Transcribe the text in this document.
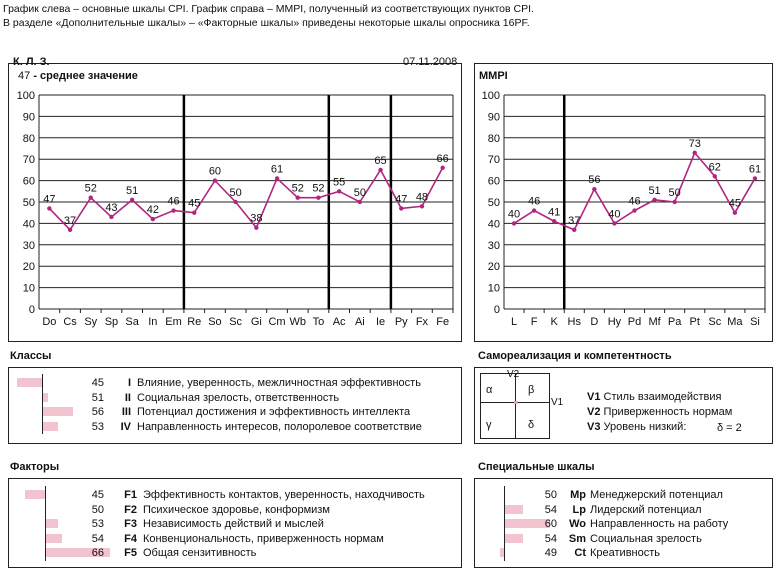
График слева – основные шкалы CPI. График справа – MMPI, полученный из соответствующих пунктов CPI.
В разделе «Дополнительные шкалы» – «Факторные шкалы» приведены некоторые шкалы опросника 16PF.
К. Л. З.	07.11.2008
47 - среднее значение
0
10
20
30
40
50
60
70
80
90
100
Do Cs Sy Sp Sa In Em Re So Sc Gi Cm Wb To Ac Ai Ie Py Fx Fe
47
37
52
43
51
42
46 45
60
50
38
61
52 52
55
50
65
47 48
66
MMPI
0
10
20
30
40
50
60
70
80
90
100
L F K Hs D Hy Pd Mf Pa Pt Sc Ma Si
40
46
41
37
56
40
46
51 50
73
62
45
61
Классы
45	I Влияние, уверенность, межличностная эффективность
51	II Социальная зрелость, ответственность
56	III Потенциал достижения и эффективность интеллекта
53	IV Направленность интересов, полоролевое соответствие
Самореализация и компетентность
α	β
γ	δ
V2
V1 V1 Стиль взаимодействия
V2 Приверженность нормам
V3 Уровень низкий:	δ = 2
Факторы
45	F1 Эффективность контактов, уверенность, находчивость
50	F2 Психическое здоровье, конформизм
53	F3 Независимость действий и мыслей
54	F4 Конвенциональность, приверженность нормам
66	F5 Общая сензитивность
Специальные шкалы
50	Mp Менеджерский потенциал
54	Lp Лидерский потенциал
60	Wo Направленность на работу
54	Sm Социальная зрелость
49	Ct Креативность
